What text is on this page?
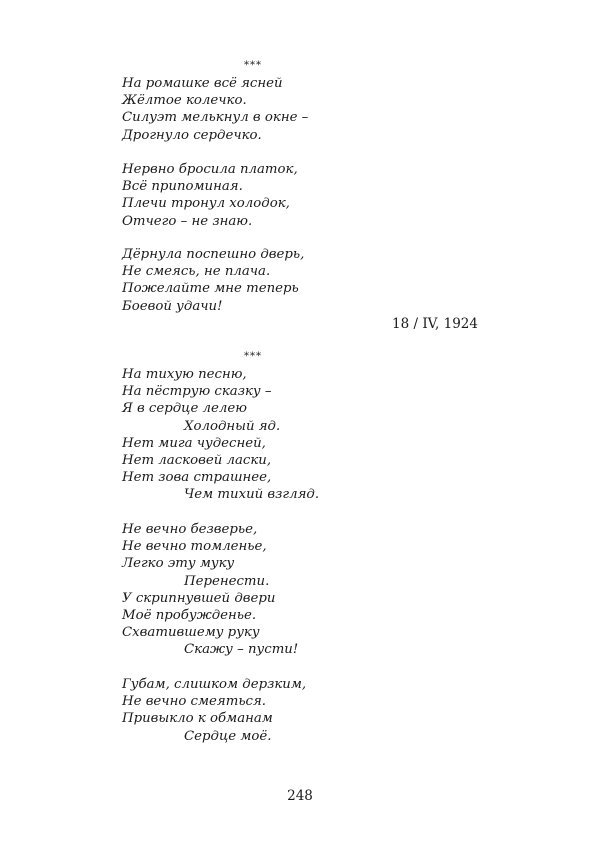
***
На ромашке всё ясней
Жёлтое колечко.
Силуэт мелькнул в окне –
Дрогнуло сердечко.
Нервно бросила платок,
Всё припоминая.
Плечи тронул холодок,
Отчего – не знаю.
Дёрнула поспешно дверь,
Не смеясь, не плача.
Пожелайте мне теперь
Боевой удачи!
18 / IV, 1924
***
На тихую песню,
На пёструю сказку –
Я в сердце лелею
Холодный яд.
Нет мига чудесней,
Нет ласковей ласки,
Нет зова страшнее,
Чем тихий взгляд.
Не вечно безверье,
Не вечно томленье,
Легко эту муку
Перенести.
У скрипнувшей двери
Моё пробужденье.
Схватившему руку
Скажу – пусти!
Губам, слишком дерзким,
Не вечно смеяться.
Привыкло к обманам
Сердце моё.
248
